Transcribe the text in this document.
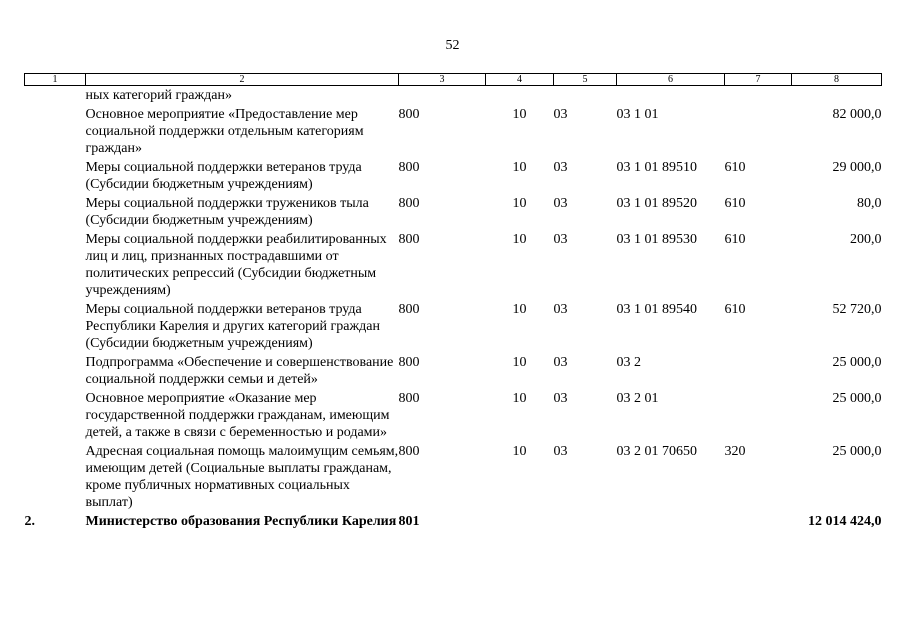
52
1	2	3	4	5	6	7	8
	ных категорий граждан»						
	Основное мероприятие «Предоставление мер социальной поддержки отдельным категориям граждан»	800	10	03	03 1 01		82 000,0
	Меры социальной поддержки ветеранов труда (Субсидии бюджетным учреждениям)	800	10	03	03 1 01 89510	610	29 000,0
	Меры социальной поддержки тружеников тыла (Субсидии бюджетным учреждениям)	800	10	03	03 1 01 89520	610	80,0
	Меры социальной поддержки реабилитированных лиц и лиц, признанных пострадавшими от политических репрессий (Субсидии бюджетным учреждениям)	800	10	03	03 1 01 89530	610	200,0
	Меры социальной поддержки ветеранов труда Республики Карелия и других категорий граждан (Субсидии бюджетным учреждениям)	800	10	03	03 1 01 89540	610	52 720,0
	Подпрограмма «Обеспечение и совершенствование социальной поддержки семьи и детей»	800	10	03	03 2		25 000,0
	Основное мероприятие «Оказание мер государственной поддержки гражданам, имеющим детей, а также в связи с беременностью и родами»	800	10	03	03 2 01		25 000,0
	Адресная социальная помощь малоимущим семьям, имеющим детей (Социальные выплаты гражданам, кроме публичных нормативных социальных выплат)	800	10	03	03 2 01 70650	320	25 000,0
2.	Министерство образования Республики Карелия	801					12 014 424,0
